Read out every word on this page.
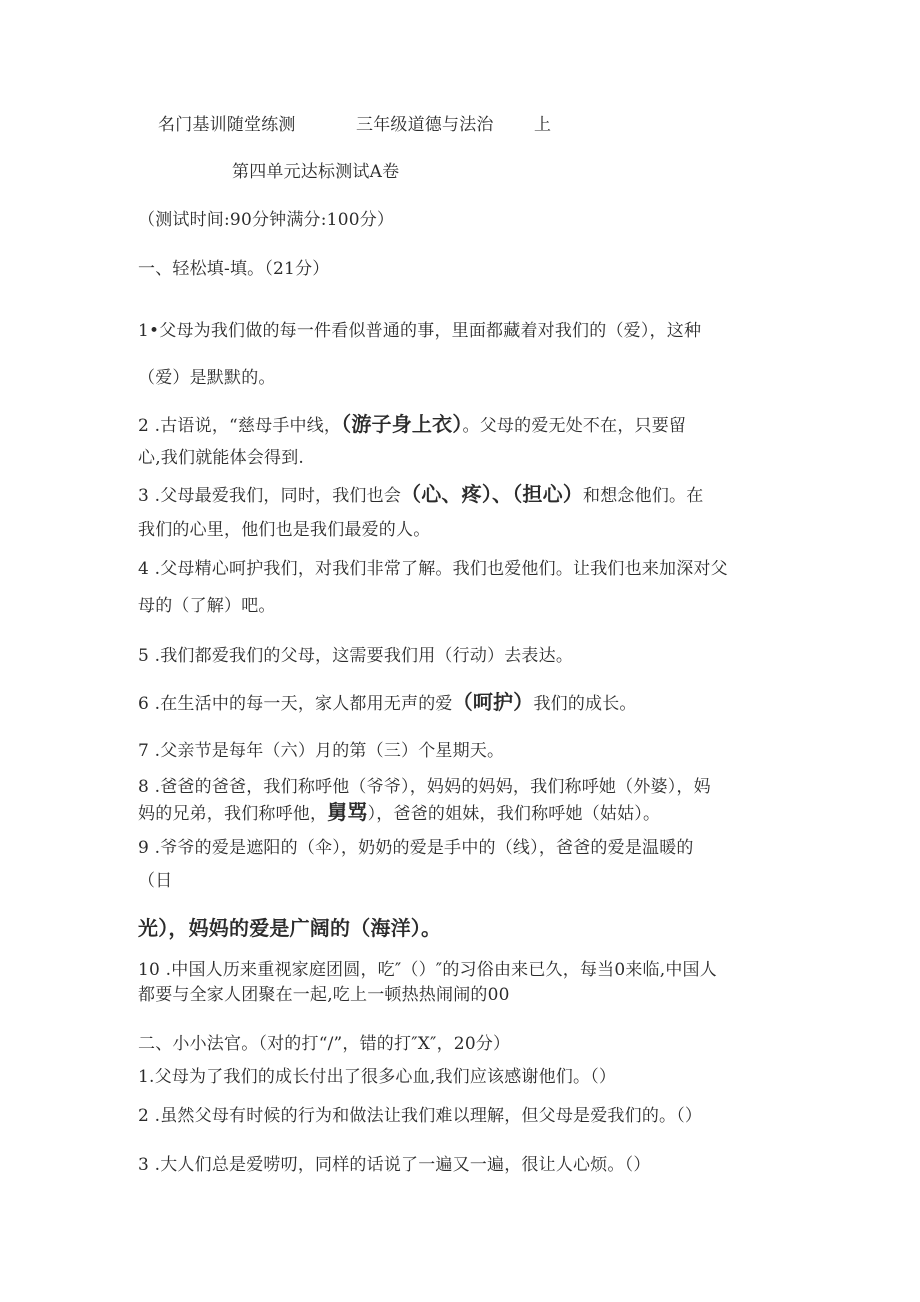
名门基训随堂练测	三年级道德与法治 上
第四单元达标测试A卷
（测试时间:90分钟满分:100分）
一、轻松填-填。（21分）
1•父母为我们做的每一件看似普通的事，里面都藏着对我们的（爱），这种
（爱）是默默的。
2 .古语说，“慈母手中线，（游子身上衣）。父母的爱无处不在，只要留
心,我们就能体会得到.
3 .父母最爱我们，同时，我们也会（心、疼）、（担心）和想念他们。在
我们的心里，他们也是我们最爱的人。
4 .父母精心呵护我们，对我们非常了解。我们也爱他们。让我们也来加深对父
母的（了解）吧。
5 .我们都爱我们的父母，这需要我们用（行动）去表达。
6 .在生活中的每一天，家人都用无声的爱（呵护）我们的成长。
7 .父亲节是每年（六）月的第（三）个星期天。
8 .爸爸的爸爸，我们称呼他（爷爷），妈妈的妈妈，我们称呼她（外婆），妈
妈的兄弟，我们称呼他，舅骂），爸爸的姐妹，我们称呼她（姑姑）。
9 .爷爷的爱是遮阳的（伞），奶奶的爱是手中的（线），爸爸的爱是温暖的
（日
光），妈妈的爱是广阔的（海洋）。
10 .中国人历来重视家庭团圆，吃″（）″的习俗由来已久，每当0来临,中国人
都要与全家人团聚在一起,吃上一顿热热闹闹的00
二、小小法官。（对的打“/”，错的打″X″，20分）
1.父母为了我们的成长付出了很多心血,我们应该感谢他们。（）
2 .虽然父母有时候的行为和做法让我们难以理解，但父母是爱我们的。（）
3 .大人们总是爱唠叨，同样的话说了一遍又一遍，很让人心烦。（）
